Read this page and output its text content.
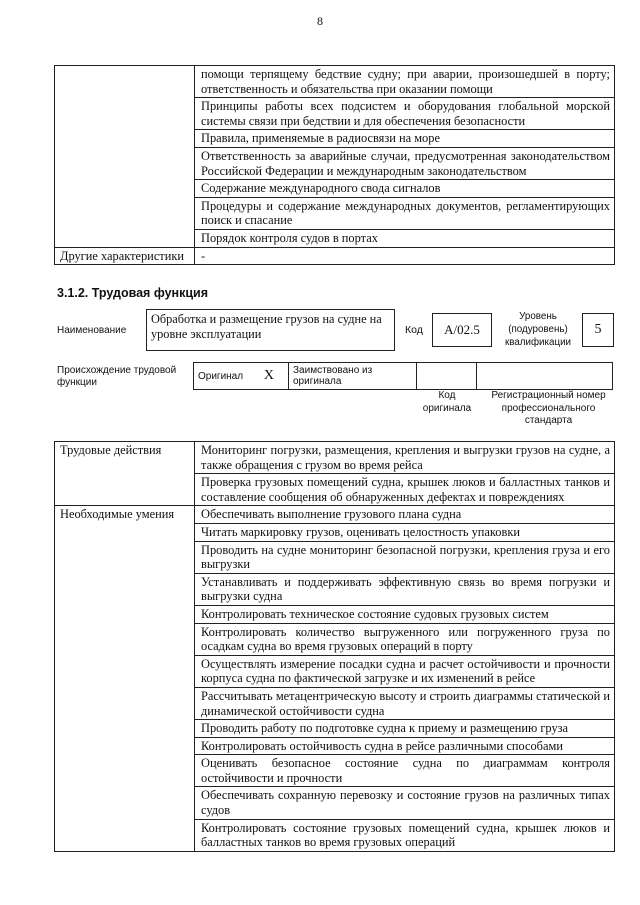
8
	помощи терпящему бедствие судну; при аварии, произошедшей в порту; ответственность и обязательства при оказании помощи
	Принципы работы всех подсистем и оборудования глобальной морской системы связи при бедствии и для обеспечения безопасности
	Правила, применяемые в радиосвязи на море
	Ответственность за аварийные случаи, предусмотренная законодательством Российской Федерации и международным законодательством
	Содержание международного свода сигналов
	Процедуры и содержание международных документов, регламентирующих поиск и спасание
	Порядок контроля судов в портах
Другие характеристики	-
3.1.2. Трудовая функция
Наименование
Обработка и размещение грузов на судне на уровне эксплуатации	Код	A/02.5
Уровень (подуровень) квалификации
5
Происхождение трудовой функции
Оригинал X	Заимствовано из оригинала		
Код оригинала
Регистрационный номер профессионального стандарта
Трудовые действия	Мониторинг погрузки, размещения, крепления и выгрузки грузов на судне, а также обращения с грузом во время рейса
	Проверка грузовых помещений судна, крышек люков и балластных танков и составление сообщения об обнаруженных дефектах и повреждениях
Необходимые умения	Обеспечивать выполнение грузового плана судна
	Читать маркировку грузов, оценивать целостность упаковки
	Проводить на судне мониторинг безопасной погрузки, крепления груза и его выгрузки
	Устанавливать и поддерживать эффективную связь во время погрузки и выгрузки судна
	Контролировать техническое состояние судовых грузовых систем
	Контролировать количество выгруженного или погруженного груза по осадкам судна во время грузовых операций в порту
	Осуществлять измерение посадки судна и расчет остойчивости и прочности корпуса судна по фактической загрузке и их изменений в рейсе
	Рассчитывать метацентрическую высоту и строить диаграммы статической и динамической остойчивости судна
	Проводить работу по подготовке судна к приему и размещению груза
	Контролировать остойчивость судна в рейсе различными способами
	Оценивать безопасное состояние судна по диаграммам контроля остойчивости и прочности
	Обеспечивать сохранную перевозку и состояние грузов на различных типах судов
	Контролировать состояние грузовых помещений судна, крышек люков и балластных танков во время грузовых операций
